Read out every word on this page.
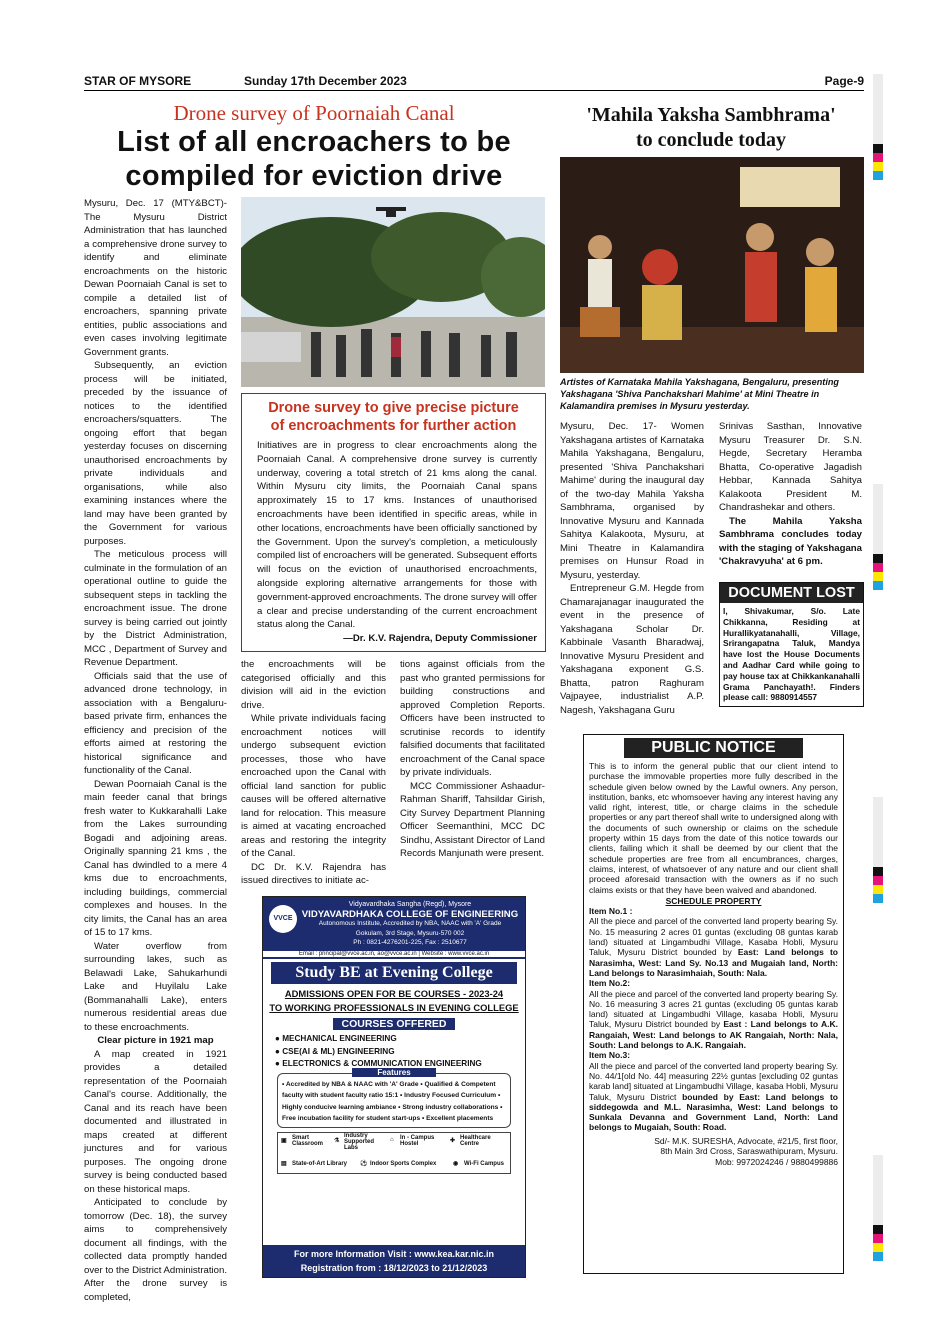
STAR OF MYSORE	Sunday 17th December 2023	Page-9
Drone survey of Poornaiah Canal
List of all encroachers to be
compiled for eviction drive

Mysuru, Dec. 17 (MTY&BCT)- The Mysuru District Administration that has launched a comprehensive drone survey to identify and eliminate encroachments on the historic Dewan Poornaiah Canal is set to compile a detailed list of encroachers, spanning private entities, public associations and even cases involving legitimate Government grants.

Subsequently, an eviction process will be initiated, preceded by the issuance of notices to the identified encroachers/squatters. The ongoing effort that began yesterday focuses on discerning unauthorised encroachments by private individuals and organisations, while also examining instances where the land may have been granted by the Government for various purposes.

The meticulous process will culminate in the formulation of an operational outline to guide the subsequent steps in tackling the encroachment issue. The drone survey is being carried out jointly by the District Administration, MCC , Department of Survey and Revenue Department.

Officials said that the use of advanced drone technology, in association with a Bengaluru-based private firm, enhances the efficiency and precision of the efforts aimed at restoring the historical significance and functionality of the Canal.

Dewan Poornaiah Canal is the main feeder canal that brings fresh water to Kukkarahalli Lake from the Lakes surrounding Bogadi and adjoining areas. Originally spanning 21 kms , the Canal has dwindled to a mere 4 kms due to encroachments, including buildings, commercial complexes and houses. In the city limits, the Canal has an area of 15 to 17 kms.

Water overflow from surrounding lakes, such as Belawadi Lake, Sahukarhundi Lake and Huyilalu Lake (Bommanahalli Lake), enters numerous residential areas due to these encroachments.

Clear picture in 1921 map

A map created in 1921 provides a detailed representation of the Poornaiah Canal's course. Additionally, the Canal and its reach have been documented and illustrated in maps created at different junctures and for various purposes. The ongoing drone survey is being conducted based on these historical maps.

Anticipated to conclude by tomorrow (Dec. 18), the survey aims to comprehensively document all findings, with the collected data promptly handed over to the District Administration. After the drone survey is completed,

Drone survey to give precise picture
of encroachments for further action
Initiatives are in progress to clear encroachments along the Poornaiah Canal. A comprehensive drone survey is currently underway, covering a total stretch of 21 kms along the canal. Within Mysuru city limits, the Poornaiah Canal spans approximately 15 to 17 kms. Instances of unauthorised encroachments have been identified in specific areas, while in other locations, encroachments have been officially sanctioned by the Government. Upon the survey's completion, a meticulously compiled list of encroachers will be generated. Subsequent efforts will focus on the eviction of unauthorised encroachments, alongside exploring alternative arrangements for those with government-approved encroachments. The drone survey will offer a clear and precise understanding of the current encroachment status along the Canal.
—Dr. K.V. Rajendra, Deputy Commissioner

the encroachments will be categorised officially and this division will aid in the eviction drive.

While private individuals facing encroachment notices will undergo subsequent eviction processes, those who have encroached upon the Canal with official land sanction for public causes will be offered alternative land for relocation. This measure is aimed at vacating encroached areas and restoring the integrity of the Canal.

DC Dr. K.V. Rajendra has issued directives to initiate ac-

tions against officials from the past who granted permissions for building constructions and approved Completion Reports. Officers have been instructed to scrutinise records to identify falsified documents that facilitated encroachment of the Canal space by private individuals.

MCC Commissioner Ashaadur-Rahman Shariff, Tahsildar Girish, City Survey Department Planning Officer Seemanthini, MCC DC Sindhu, Assistant Director of Land Records Manjunath were present.

VVCE
Vidyavardhaka Sangha (Regd), Mysore
VIDYAVARDHAKA COLLEGE OF ENGINEERING
Autonomous Institute, Accredited by NBA, NAAC with 'A' Grade
Gokulam, 3rd Stage, Mysuru-570 002
Ph : 0821-4276201-225, Fax : 2510677
Email : principal@vvce.ac.in, ao@vvce.ac.in | Website : www.vvce.ac.in
Study BE at Evening College
ADMISSIONS OPEN FOR BE COURSES - 2023-24
TO WORKING PROFESSIONALS IN EVENING COLLEGE
COURSES OFFERED
● MECHANICAL ENGINEERING
● CSE(AI & ML) ENGINEERING
● ELECTRONICS & COMMUNICATION ENGINEERING
Features
• Accredited by NBA & NAAC with 'A' Grade • Qualified & Competent faculty with student faculty ratio 15:1 • Industry Focused Curriculum • Highly conducive learning ambiance • Strong industry collaborations • Free incubation facility for student start-ups • Excellent placements
▣ Smart Classroom	⚗
Industry Supported Labs
⌂ In - Campus Hostel	✚ Healthcare Centre
▤ State-of-Art Library ⚽ Indoor Sports Complex	◉ Wi-Fi Campus
For more Information Visit : www.kea.kar.nic.in
Registration from : 18/12/2023 to 21/12/2023
'Mahila Yaksha Sambhrama'
to conclude today
Artistes of Karnataka Mahila Yakshagana, Bengaluru, presenting Yakshagana 'Shiva Panchakshari Mahime' at Mini Theatre in Kalamandira premises in Mysuru yesterday.

Mysuru, Dec. 17- Women Yakshagana artistes of Karnataka Mahila Yakshagana, Bengaluru, presented 'Shiva Panchakshari Mahime' during the inaugural day of the two-day Mahila Yaksha Sambhrama, organised by Innovative Mysuru and Kannada Sahitya Kalakoota, Mysuru, at Mini Theatre in Kalamandira premises on Hunsur Road in Mysuru, yesterday.

Entrepreneur G.M. Hegde from Chamarajanagar inaugurated the event in the presence of Yakshagana Scholar Dr. Kabbinale Vasanth Bharadwaj, Innovative Mysuru President and Yakshagana exponent G.S. Bhatta, patron Raghuram Vajpayee, industrialist A.P. Nagesh, Yakshagana Guru

Srinivas Sasthan, Innovative Mysuru Treasurer Dr. S.N. Hegde, Secretary Heramba Bhatta, Co-operative Jagadish Hebbar, Kannada Sahitya Kalakoota President M. Chandrashekar and others.

The Mahila Yaksha Sambhrama concludes today with the staging of Yakshagana 'Chakravyuha' at 6 pm.

DOCUMENT LOST
I, Shivakumar, S/o. Late Chikkanna, Residing at Hurallikyatanahalli, Village, Srirangapatna Taluk, Mandya have lost the House Documents and Aadhar Card while going to pay house tax at Chikkankanahalli Grama Panchayath!. Finders please call: 9880914557
PUBLIC NOTICE
This is to inform the general public that our client intend to purchase the immovable properties more fully described in the schedule given below owned by the Lawful owners. Any person, institution, banks, etc whomsoever having any interest having any valid right, interest, title, or charge claims in the schedule properties or any part thereof shall write to undersigned along with the documents of such ownership or claims on the schedule property within 15 days from the date of this notice towards our clients, failing which it shall be deemed by our client that the schedule properties are free from all encumbrances, charges, claims, interest, of whatsoever of any nature and our client shall proceed aforesaid transaction with the owners as if no such claims exists or that they have been waived and abandoned.
SCHEDULE PROPERTY
Item No.1 :
All the piece and parcel of the converted land property bearing Sy. No. 15 measuring 2 acres 01 guntas (excluding 08 guntas karab land) situated at Lingambudhi Village, Kasaba Hobli, Mysuru Taluk, Mysuru District bounded by East: Land belongs to Narasimha, West: Land Sy. No.13 and Mugaiah land, North: Land belongs to Narasimhaiah, South: Nala.
Item No.2:
All the piece and parcel of the converted land property bearing Sy. No. 16 measuring 3 acres 21 guntas (excluding 05 guntas karab land) situated at Lingambudhi Village, kasaba Hobli, Mysuru Taluk, Mysuru District bounded by East : Land belongs to A.K. Rangaiah, West: Land belongs to AK Rangaiah, North: Nala, South: Land belongs to A.K. Rangaiah.
Item No.3:
All the piece and parcel of the converted land property bearing Sy. No. 44/1[old No. 44] measuring 22½ guntas [excluding 02 guntas karab land] situated at Lingambudhi Village, kasaba Hobli, Mysuru Taluk, Mysuru District bounded by East: Land belongs to siddegowda and M.L. Narasimha, West: Land belongs to Sunkala Devanna and Government Land, North: Land belongs to Mugaiah, South: Road.
Sd/- M.K. SURESHA, Advocate, #21/5, first floor,
8th Main 3rd Cross, Saraswathipuram, Mysuru.
Mob: 9972024246 / 9880499886
